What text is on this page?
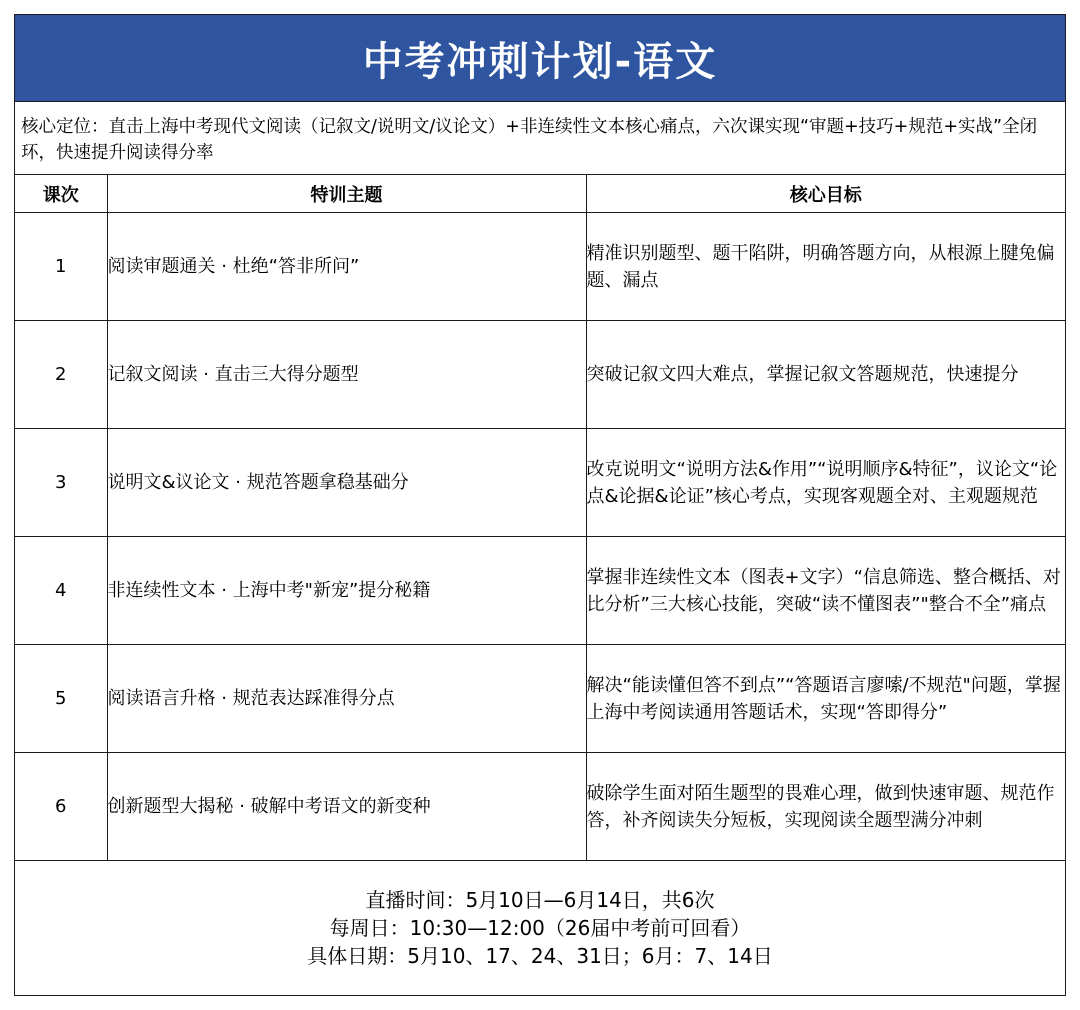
中考冲刺计划-语文
核心定位：直击上海中考现代文阅读（记叙文/说明文/议论文）+非连续性文本核心痛点，六次课实现“审题+技巧+规范+实战”全闭环，快速提升阅读得分率
课次	特训主题	核心目标
1	阅读审题通关 · 杜绝“答非所问”	精准识别题型、题干陷阱，明确答题方向，从根源上腱兔偏题、漏点
2	记叙文阅读 · 直击三大得分题型	突破记叙文四大难点，掌握记叙文答题规范，快速提分
3	说明文&议论文 · 规范答题拿稳基础分	改克说明文“说明方法&作用”“说明顺序&特征”，议论文“论点&论据&论证”核心考点，实现客观题全对、主观题规范
4	非连续性文本 · 上海中考"新宠”提分秘籍	掌握非连续性文本（图表+文字）“信息筛选、整合概括、对比分析”三大核心技能，突破“读不懂图表”"整合不全”痛点
5	阅读语言升格 · 规范表达踩准得分点	解决“能读懂但答不到点”“答题语言廖嗦/不规范"问题，掌握上海中考阅读通用答题话术，实现“答即得分”
6	创新题型大揭秘 · 破解中考语文的新变种	破除学生面对陌生题型的畏难心理，做到快速审题、规范作答，补齐阅读失分短板，实现阅读全题型满分冲刺
直播时间：5月10日—6月14日，共6次
每周日：10:30—12:00（26届中考前可回看）
具体日期：5月10、17、24、31日；6月：7、14日
